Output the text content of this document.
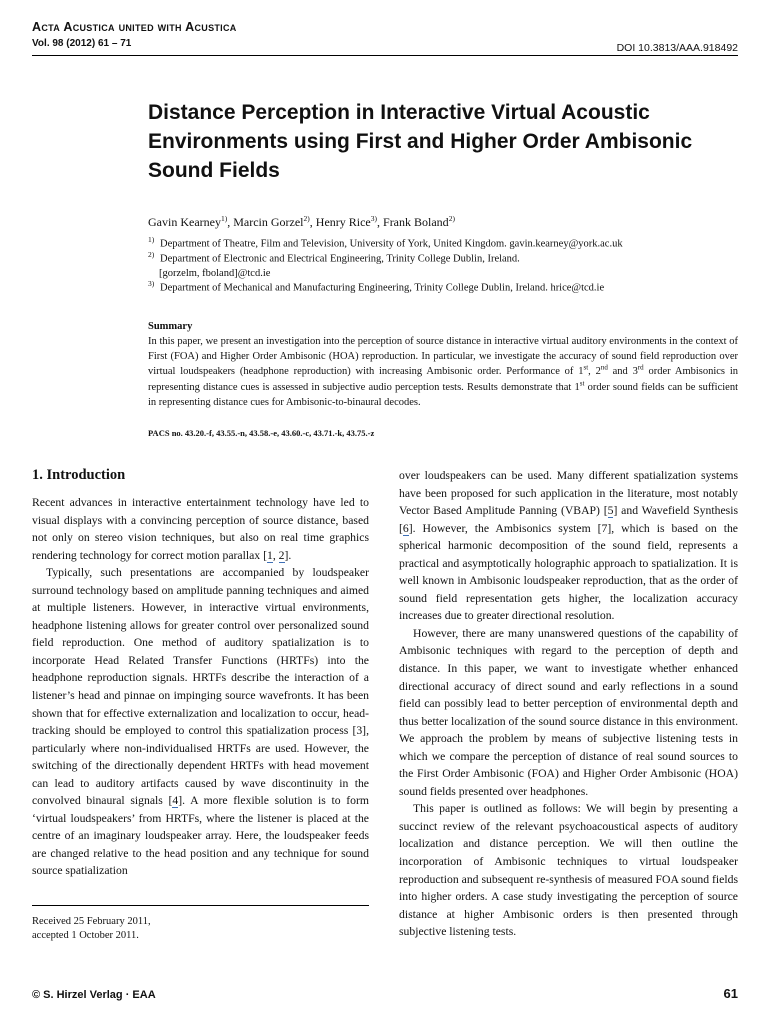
Acta Acustica united with Acustica
Vol. 98 (2012) 61 – 71	DOI 10.3813/AAA.918492
Distance Perception in Interactive Virtual Acoustic Environments using First and Higher Order Ambisonic Sound Fields
Gavin Kearney$^{1)}$, Marcin Gorzel$^{2)}$, Henry Rice$^{3)}$, Frank Boland$^{2)}$
$^{1)}$ Department of Theatre, Film and Television, University of York, United Kingdom. gavin.kearney@york.ac.uk
$^{2)}$ Department of Electronic and Electrical Engineering, Trinity College Dublin, Ireland.
[gorzelm, fboland]@tcd.ie
$^{3)}$ Department of Mechanical and Manufacturing Engineering, Trinity College Dublin, Ireland. hrice@tcd.ie
Summary
In this paper, we present an investigation into the perception of source distance in interactive virtual auditory environments in the context of First (FOA) and Higher Order Ambisonic (HOA) reproduction. In particular, we investigate the accuracy of sound field reproduction over virtual loudspeakers (headphone reproduction) with increasing Ambisonic order. Performance of 1st, 2nd and 3rd order Ambisonics in representing distance cues is assessed in subjective audio perception tests. Results demonstrate that 1st order sound fields can be sufficient in representing distance cues for Ambisonic-to-binaural decodes.
PACS no. 43.20.-f, 43.55.-n, 43.58.-e, 43.60.-c, 43.71.-k, 43.75.-z
1. Introduction

Recent advances in interactive entertainment technology have led to visual displays with a convincing perception of source distance, based not only on stereo vision techniques, but also on real time graphics rendering technology for correct motion parallax [1, 2].

Typically, such presentations are accompanied by loudspeaker surround technology based on amplitude panning techniques and aimed at multiple listeners. However, in interactive virtual environments, headphone listening allows for greater control over personalized sound field reproduction. One method of auditory spatialization is to incorporate Head Related Transfer Functions (HRTFs) into the headphone reproduction signals. HRTFs describe the interaction of a listener’s head and pinnae on impinging source wavefronts. It has been shown that for effective externalization and localization to occur, head-tracking should be employed to control this spatialization process [3], particularly where non-individualised HRTFs are used. However, the switching of the directionally dependent HRTFs with head movement can lead to auditory artifacts caused by wave discontinuity in the convolved binaural signals [4]. A more flexible solution is to form ‘virtual loudspeakers’ from HRTFs, where the listener is placed at the centre of an imaginary loudspeaker array. Here, the loudspeaker feeds are changed relative to the head position and any technique for sound source spatialization

over loudspeakers can be used. Many different spatialization systems have been proposed for such application in the literature, most notably Vector Based Amplitude Panning (VBAP) [5] and Wavefield Synthesis [6]. However, the Ambisonics system [7], which is based on the spherical harmonic decomposition of the sound field, represents a practical and asymptotically holographic approach to spatialization. It is well known in Ambisonic loudspeaker reproduction, that as the order of sound field representation gets higher, the localization accuracy increases due to greater directional resolution.

However, there are many unanswered questions of the capability of Ambisonic techniques with regard to the perception of depth and distance. In this paper, we want to investigate whether enhanced directional accuracy of direct sound and early reflections in a sound field can possibly lead to better perception of environmental depth and thus better localization of the sound source distance in this environment. We approach the problem by means of subjective listening tests in which we compare the perception of distance of real sound sources to the First Order Ambisonic (FOA) and Higher Order Ambisonic (HOA) sound fields presented over headphones.

This paper is outlined as follows: We will begin by presenting a succinct review of the relevant psychoacoustical aspects of auditory localization and distance perception. We will then outline the incorporation of Ambisonic techniques to virtual loudspeaker reproduction and subsequent re-synthesis of measured FOA sound fields into higher orders. A case study investigating the perception of source distance at higher Ambisonic orders is then presented through subjective listening tests.

Received 25 February 2011,
accepted 1 October 2011.
© S. Hirzel Verlag · EAA	61
